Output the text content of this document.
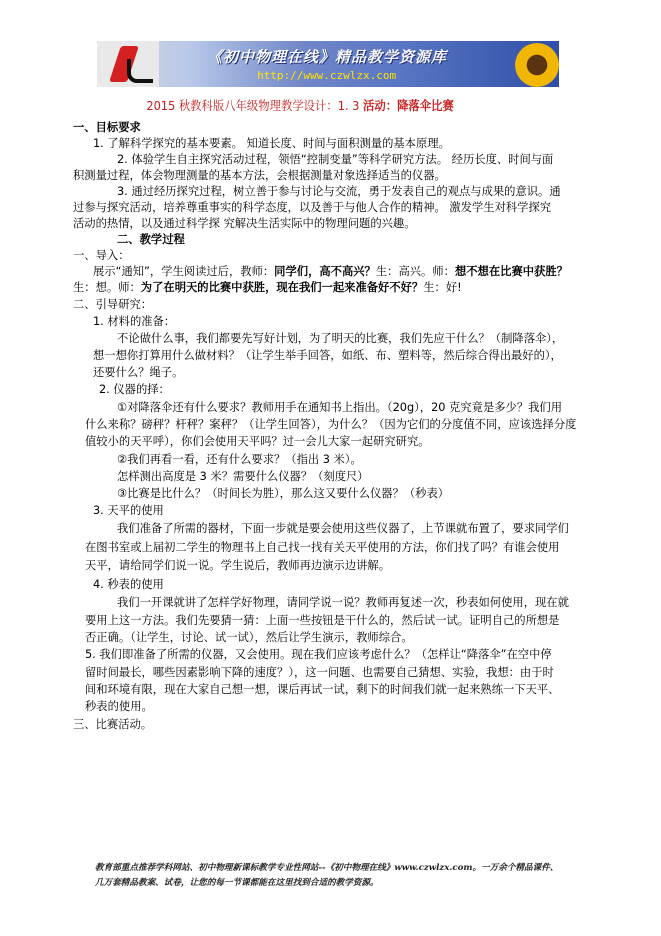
《初中物理在线》精品教学资源库
http://www.czwlzx.com
2015 秋教科版八年级物理教学设计：1. 3 活动：降落伞比赛
一、目标要求
1. 了解科学探究的基本要素。 知道长度、时间与面积测量的基本原理。
2. 体验学生自主探究活动过程，领悟“控制变量”等科学研究方法。 经历长度、时间与面
积测量过程，体会物理测量的基本方法，会根据测量对象选择适当的仪器。
3. 通过经历探究过程，树立善于参与讨论与交流，勇于发表自己的观点与成果的意识。通
过参与探究活动，培养尊重事实的科学态度，以及善于与他人合作的精神。 激发学生对科学探究
活动的热情，以及通过科学探 究解决生活实际中的物理问题的兴趣。
二、教学过程
一、导入：
展示“通知”，学生阅读过后，教师：同学们，高不高兴？生：高兴。师：想不想在比赛中获胜？
生：想。师：为了在明天的比赛中获胜，现在我们一起来准备好不好？生：好!
二、引导研究：
1. 材料的准备：
不论做什么事，我们都要先写好计划，为了明天的比赛，我们先应干什么？（制降落伞），
想一想你打算用什么做材料？（让学生举手回答，如纸、布、塑料等，然后综合得出最好的），
还要什么？绳子。
2. 仪器的择：
①对降落伞还有什么要求？教师用手在通知书上指出。（20g），20 克究竟是多少？我们用
什么来称？磅秤？杆秤？案秤？（让学生回答），为什么？（因为它们的分度值不同，应该选择分度
值较小的天平呼），你们会使用天平吗？过一会儿大家一起研究研究。
②我们再看一看，还有什么要求？（指出 3 米）。
怎样测出高度是 3 米？需要什么仪器？（刻度尺）
③比赛是比什么？（时间长为胜），那么这又要什么仪器？（秒表）
3. 天平的使用
我们准备了所需的器材，下面一步就是要会使用这些仪器了，上节课就布置了，要求同学们
在图书室或上届初二学生的物理书上自己找一找有关天平使用的方法，你们找了吗？有谁会使用
天平，请给同学们说一说。学生说后，教师再边演示边讲解。
4. 秒表的使用
我们一开课就讲了怎样学好物理，请同学说一说？教师再复述一次，秒表如何使用，现在就
要用上这一方法。我们先要猜一猜：上面一些按钮是干什么的，然后试一试。证明自己的所想是
否正确。（让学生，讨论、试一试），然后让学生演示，教师综合。
5. 我们即准备了所需的仪器，又会使用。现在我们应该考虑什么？（怎样让“降落伞”在空中停
留时间最长，哪些因素影响下降的速度？），这一问题、也需要自己猜想、实验，我想：由于时
间和环境有限，现在大家自己想一想，课后再试一试，剩下的时间我们就一起来熟练一下天平、
秒表的使用。
三、比赛活动。
教育部重点推荐学科网站、初中物理新课标教学专业性网站--《初中物理在线》www.czwlzx.com。一万余个精品课件、
几万套精品教案、试卷，让您的每一节课都能在这里找到合适的教学资源。
